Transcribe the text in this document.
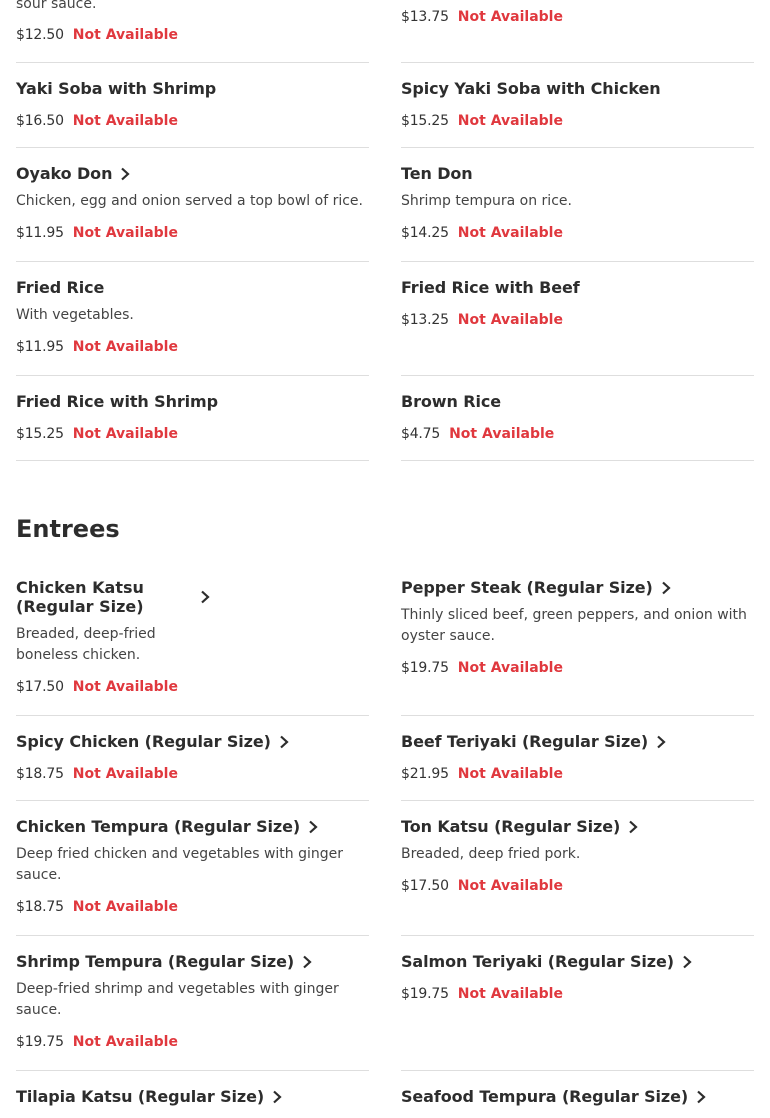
sour sauce.
$12.50 Not Available
$13.75 Not Available
Yaki Soba with Shrimp
$16.50 Not Available
Spicy Yaki Soba with Chicken
$15.25 Not Available
Oyako Don
Chicken, egg and onion served a top bowl of rice.
$11.95 Not Available
Ten Don
Shrimp tempura on rice.
$14.25 Not Available
Fried Rice
With vegetables.
$11.95 Not Available
Fried Rice with Beef
$13.25 Not Available
Fried Rice with Shrimp
$15.25 Not Available
Brown Rice
$4.75 Not Available
Entrees
Chicken Katsu (Regular Size)
Breaded, deep-fried boneless chicken.
$17.50 Not Available
Pepper Steak (Regular Size)
Thinly sliced beef, green peppers, and onion with oyster sauce.
$19.75 Not Available
Spicy Chicken (Regular Size)
$18.75 Not Available
Beef Teriyaki (Regular Size)
$21.95 Not Available
Chicken Tempura (Regular Size)
Deep fried chicken and vegetables with ginger sauce.
$18.75 Not Available
Ton Katsu (Regular Size)
Breaded, deep fried pork.
$17.50 Not Available
Shrimp Tempura (Regular Size)
Deep-fried shrimp and vegetables with ginger sauce.
$19.75 Not Available
Salmon Teriyaki (Regular Size)
$19.75 Not Available
Tilapia Katsu (Regular Size)	Seafood Tempura (Regular Size)
